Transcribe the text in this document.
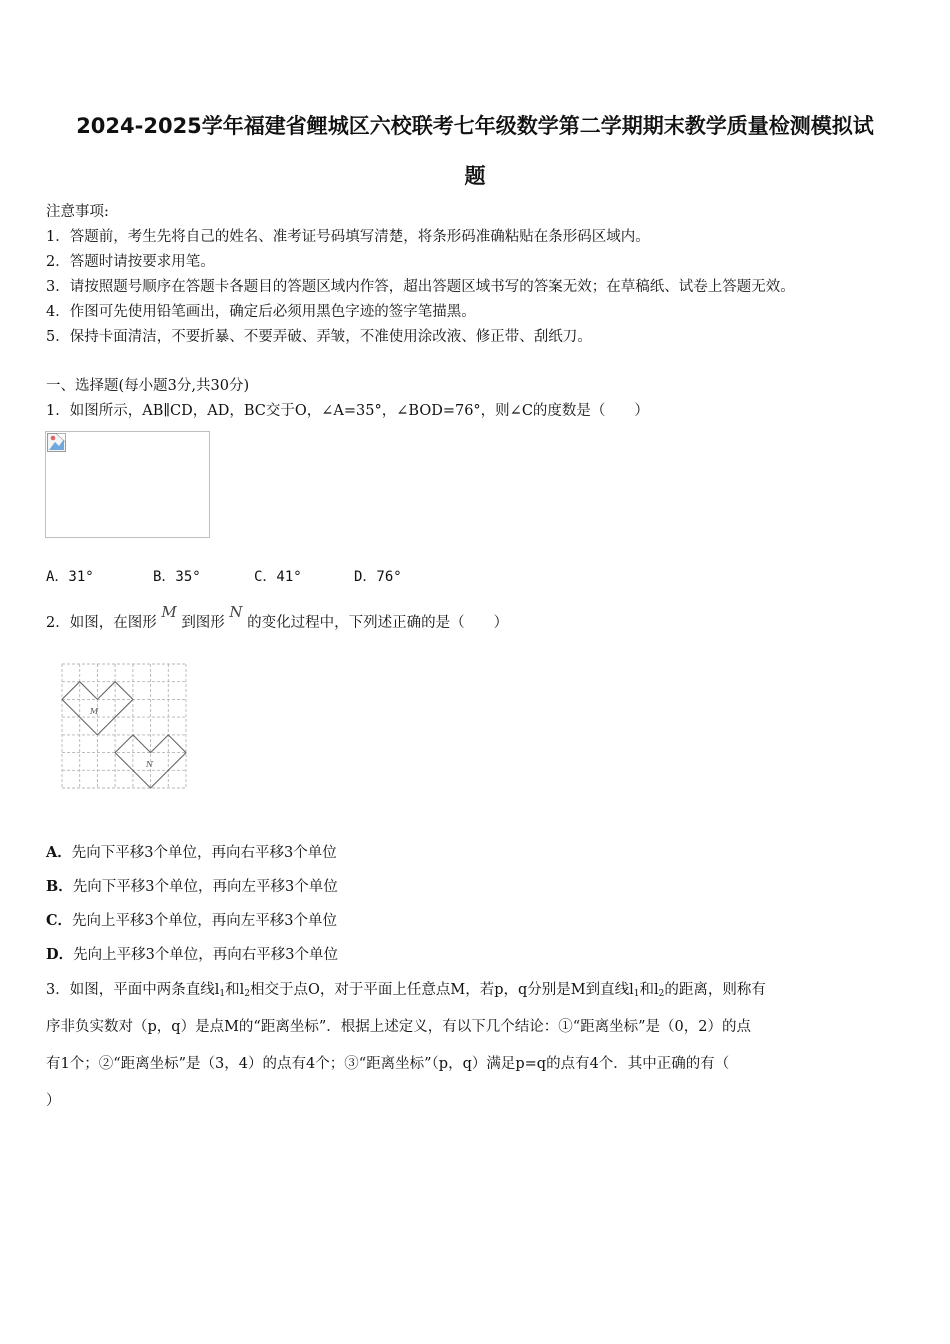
2024-2025学年福建省鲤城区六校联考七年级数学第二学期期末教学质量检测模拟试
题
注意事项:
1．答题前，考生先将自己的姓名、准考证号码填写清楚，将条形码准确粘贴在条形码区域内。
2．答题时请按要求用笔。
3．请按照题号顺序在答题卡各题目的答题区域内作答，超出答题区域书写的答案无效；在草稿纸、试卷上答题无效。
4．作图可先使用铅笔画出，确定后必须用黑色字迹的签字笔描黑。
5．保持卡面清洁，不要折暴、不要弄破、弄皱，不准使用涂改液、修正带、刮纸刀。
一、选择题(每小题3分,共30分)
1．如图所示，AB∥CD，AD，BC交于O，∠A=35°，∠BOD=76°，则∠C的度数是（　　）
A．31°	B．35°	C．41°	D．76°
2．如图，在图形 M 到图形 N 的变化过程中，下列述正确的是（　　）
M
N
A．先向下平移3个单位，再向右平移3个单位
B．先向下平移3个单位，再向左平移3个单位
C．先向上平移3个单位，再向左平移3个单位
D．先向上平移3个单位，再向右平移3个单位
3．如图，平面中两条直线$l_1$和$l_2$相交于点O，对于平面上任意点M，若p，q分别是M到直线$l_1$和$l_2$的距离，则称有
序非负实数对（p，q）是点M的“距离坐标”．根据上述定义，有以下几个结论：①“距离坐标”是（0，2）的点
有1个；②“距离坐标”是（3，4）的点有4个；③“距离坐标”（p，q）满足p=q的点有4个．其中正确的有（
）
